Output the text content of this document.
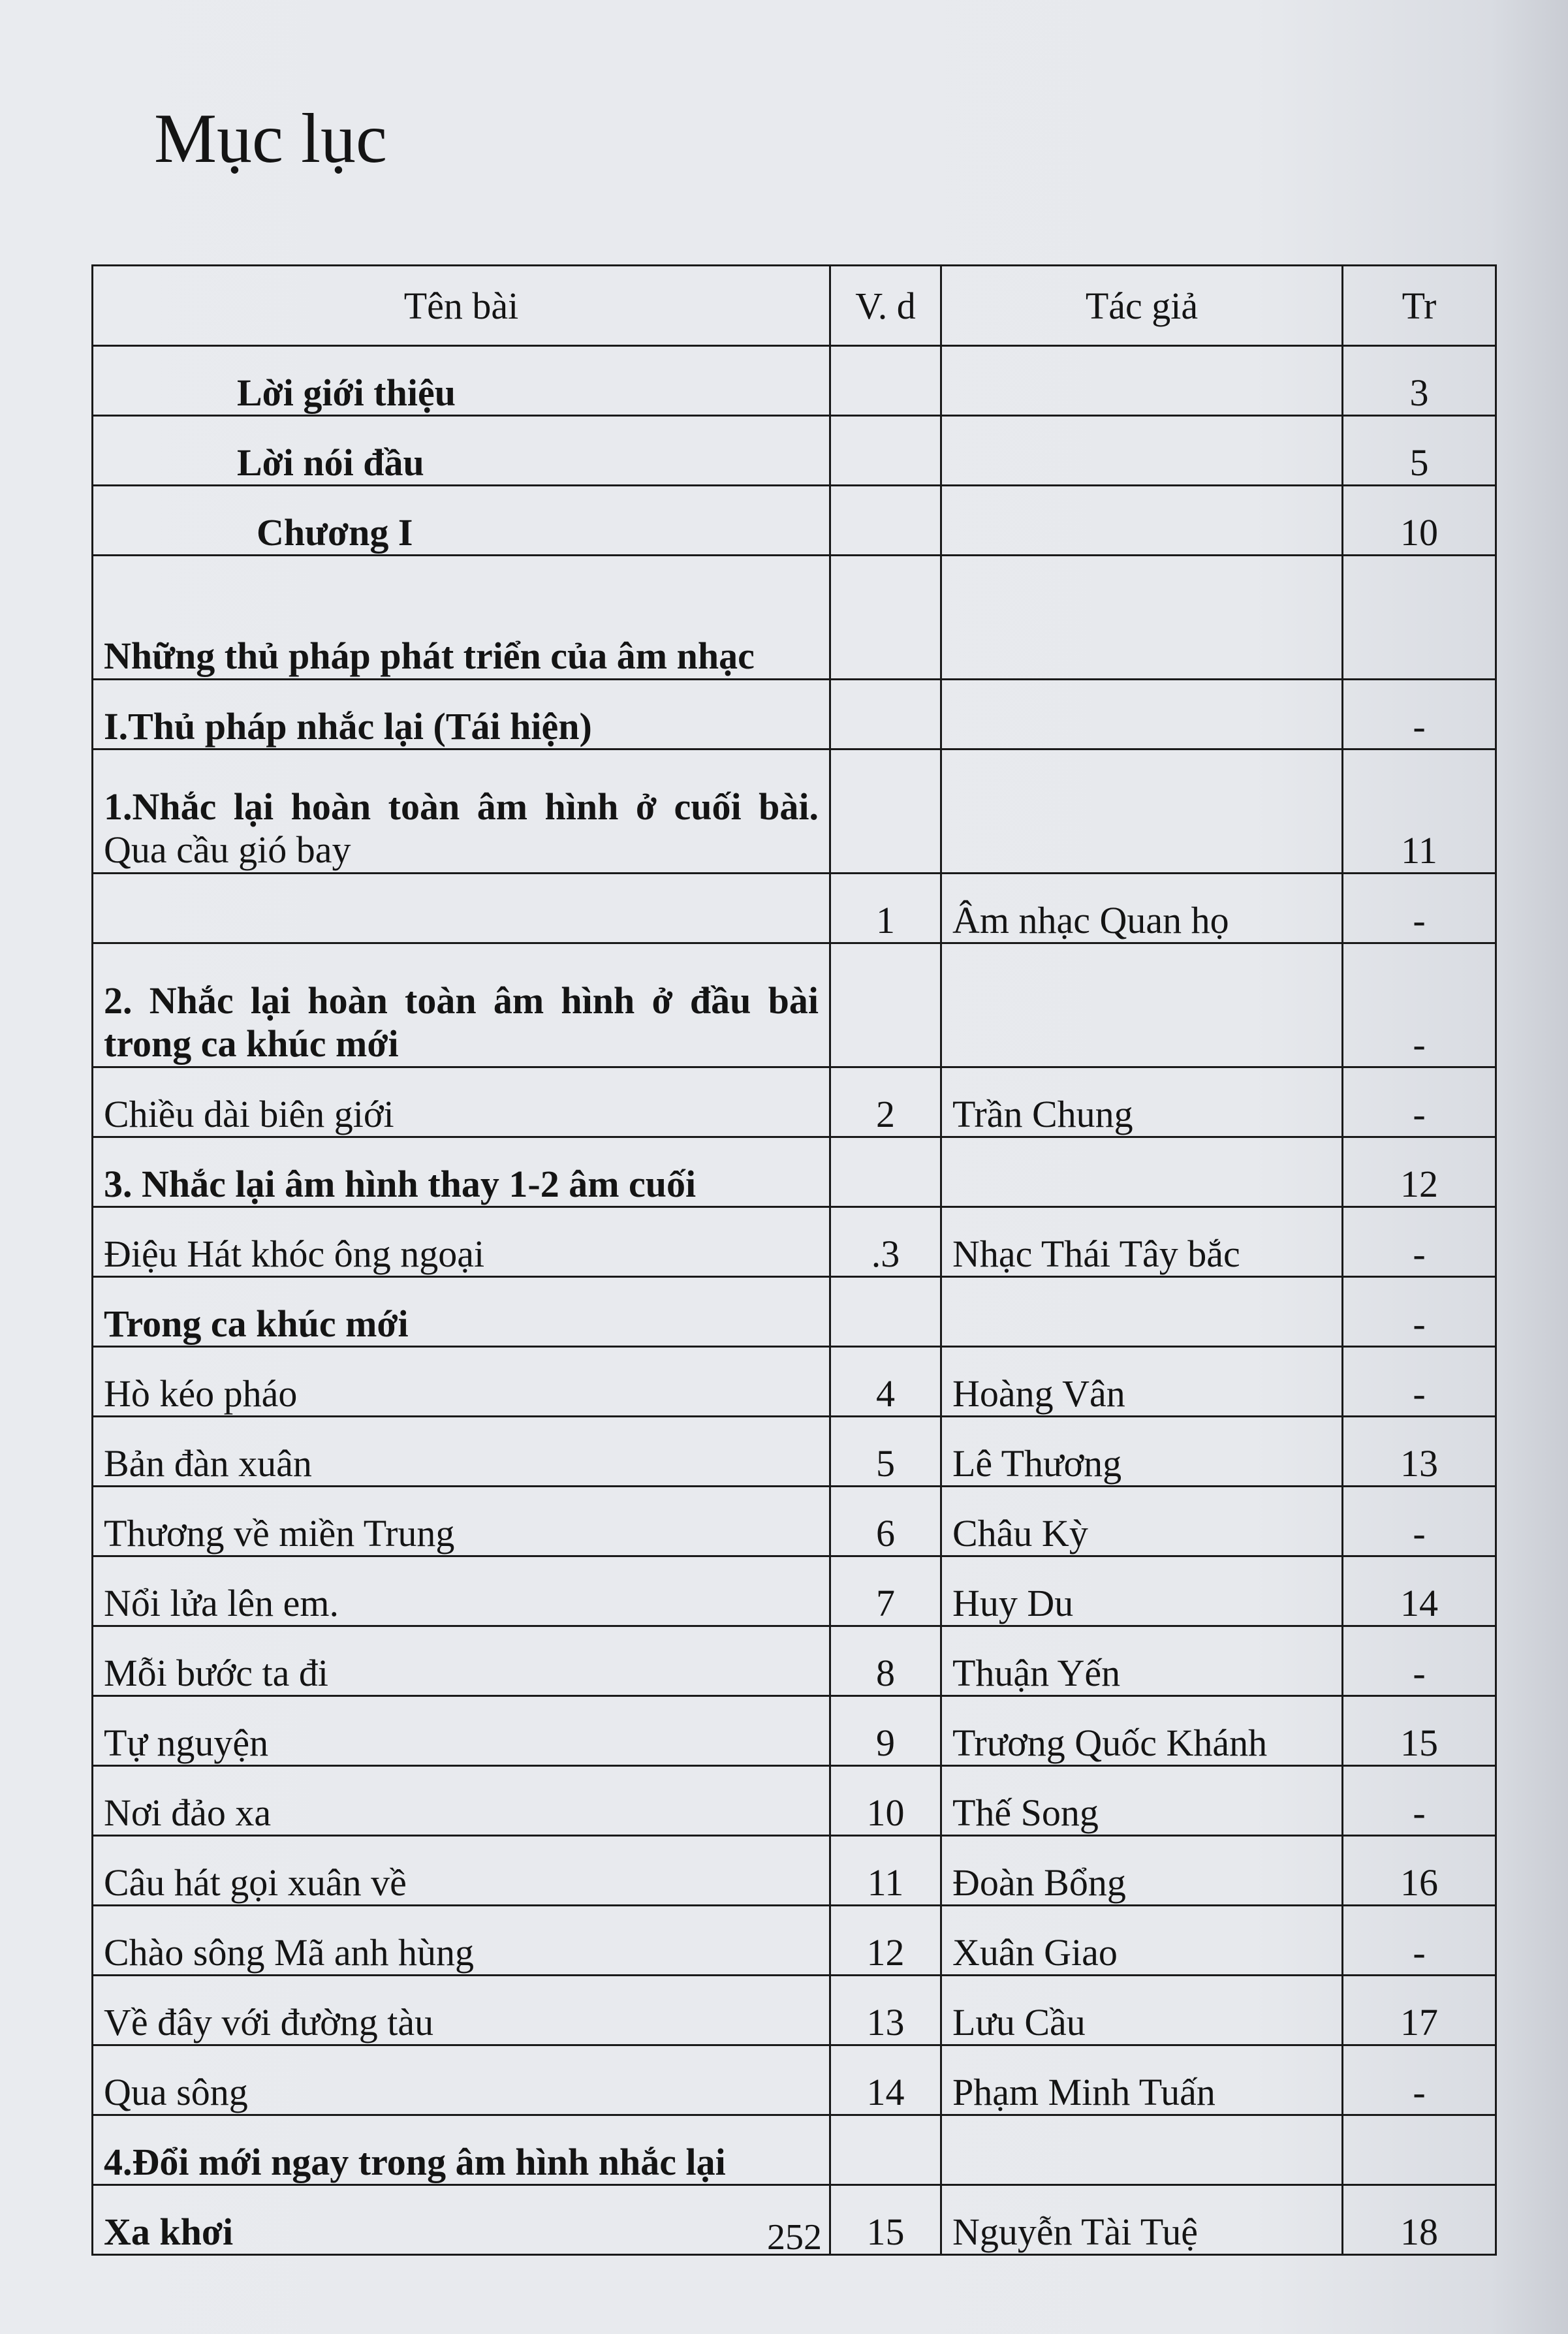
Mục lục
Tên bài	V. d	Tác giả	Tr
Lời giới thiệu			3
Lời nói đầu			5
Chương I			10
Những thủ pháp phát triển của âm nhạc			
I.Thủ pháp nhắc lại (Tái hiện)			-
1.Nhắc lại hoàn toàn âm hình ở cuối bài. Qua cầu gió bay			11
	1	Âm nhạc Quan họ	-
2. Nhắc lại hoàn toàn âm hình ở đầu bài trong ca khúc mới			-
Chiều dài biên giới	2	Trần Chung	-
3. Nhắc lại âm hình thay 1-2 âm cuối			12
Điệu Hát khóc ông ngoại	.3	Nhạc Thái Tây bắc	-
Trong ca khúc mới			-
Hò kéo pháo	4	Hoàng Vân	-
Bản đàn xuân	5	Lê Thương	13
Thương về miền Trung	6	Châu Kỳ	-
Nổi lửa lên em.	7	Huy Du	14
Mỗi bước ta đi	8	Thuận Yến	-
Tự nguyện	9	Trương Quốc Khánh	15
Nơi đảo xa	10	Thế Song	-
Câu hát gọi xuân về	11	Đoàn Bổng	16
Chào sông Mã anh hùng	12	Xuân Giao	-
Về đây với đường tàu	13	Lưu Cầu	17
Qua sông	14	Phạm Minh Tuấn	-
4.Đổi mới ngay trong âm hình nhắc lại			
Xa khơi	15	Nguyễn Tài Tuệ	18
252
